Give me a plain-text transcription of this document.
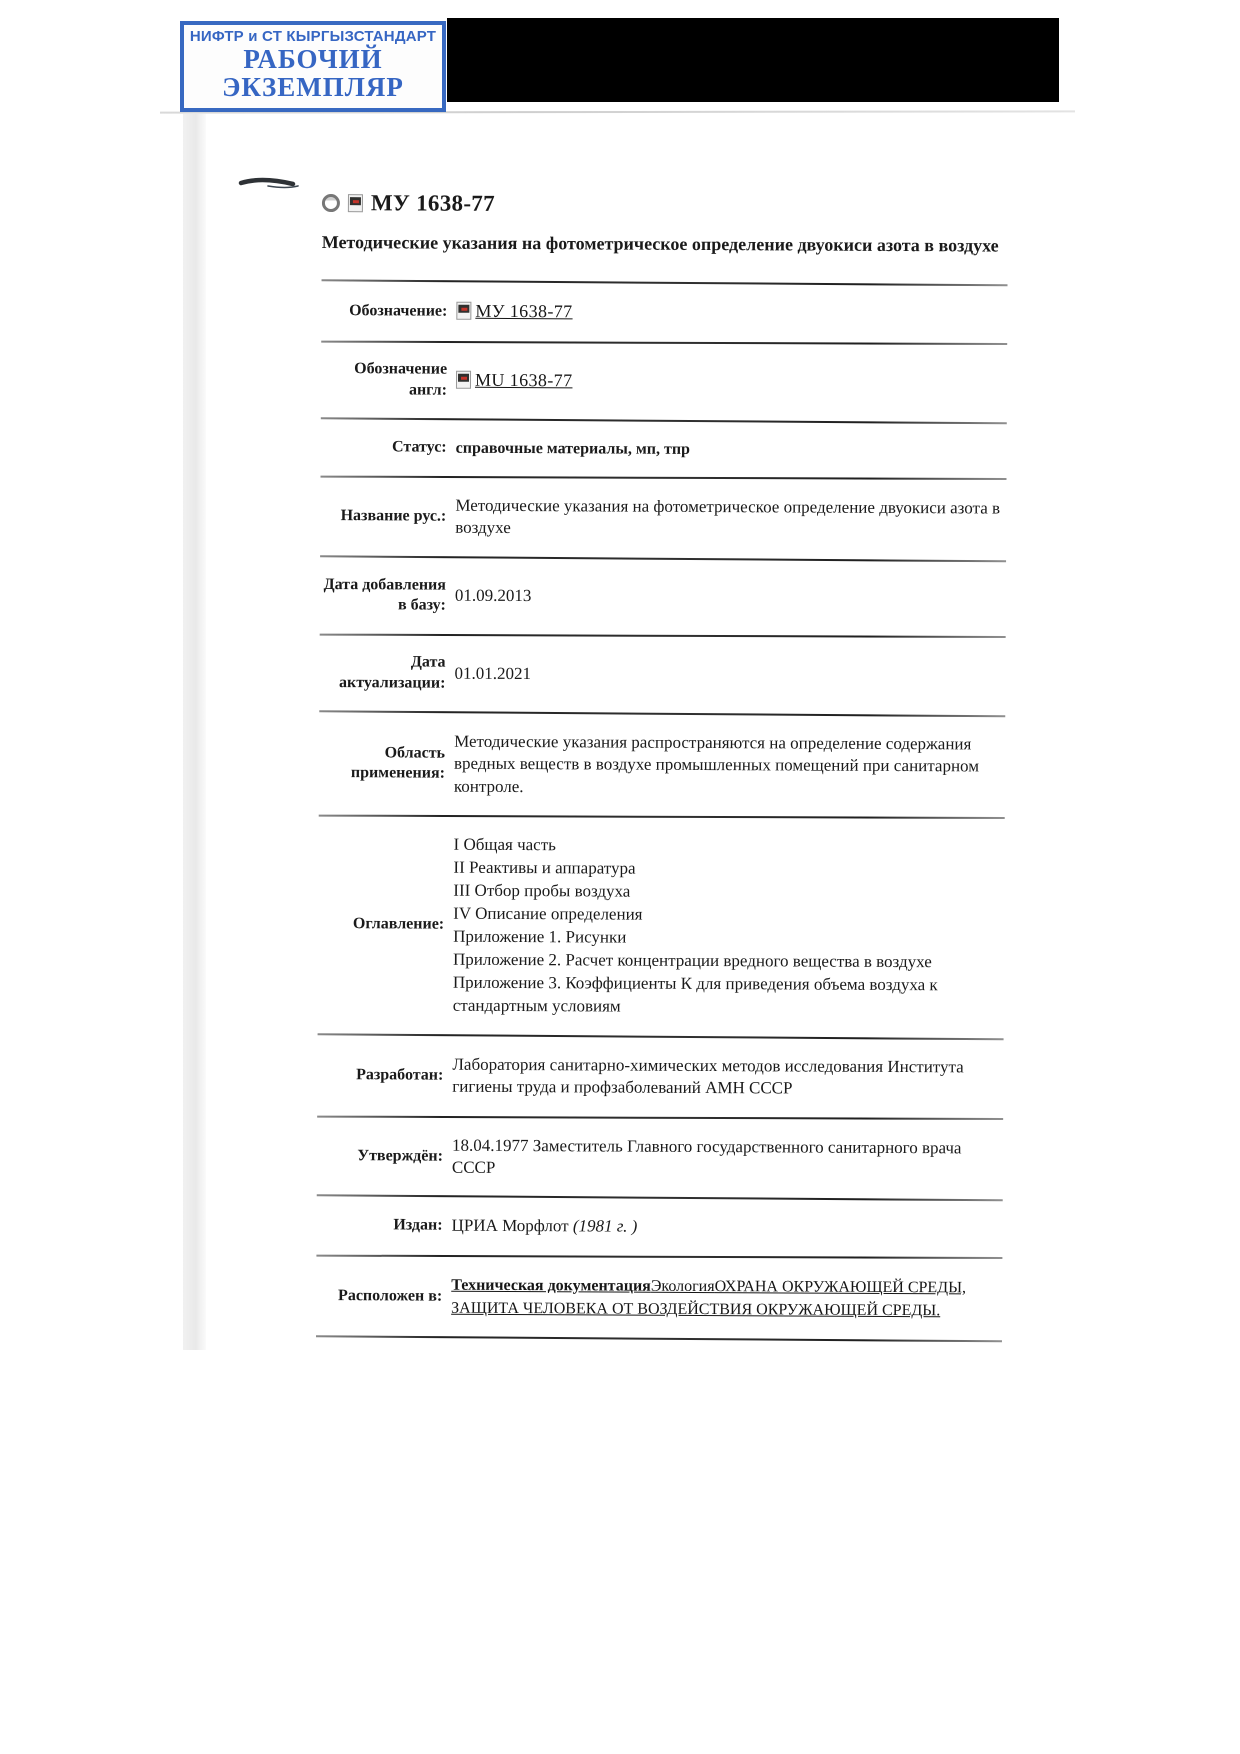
НИФТР и СТ КЫРГЫЗСТАНДАРТ
РАБОЧИЙ
ЭКЗЕМПЛЯР
МУ 1638-77
Методические указания на фотометрическое определение двуокиси азота в воздухе
Обозначение:	МУ 1638-77
Обозначение англ:	MU 1638-77
Статус: справочные материалы, мп, тпр
Название рус.: Методические указания на фотометрическое определение двуокиси азота в воздухе
Дата добавления в базу:
01.09.2013
Дата актуализации: 01.01.2021
Область применения:
Методические указания распространяются на определение содержания вредных веществ в воздухе промышленных помещений при санитарном контроле.
Оглавление:
I Общая часть
II Реактивы и аппаратура
III Отбор пробы воздуха
IV Описание определения
Приложение 1. Рисунки
Приложение 2. Расчет концентрации вредного вещества в воздухе
Приложение 3. Коэффициенты К для приведения объема воздуха к стандартным условиям
Разработан: Лаборатория санитарно-химических методов исследования Института гигиены труда и профзаболеваний АМН СССР
Утверждён: 18.04.1977 Заместитель Главного государственного санитарного врача СССР
Издан: ЦРИА Морфлот (1981 г. )
Расположен в:
Техническая документацияЭкологияОХРАНА ОКРУЖАЮЩЕЙ СРЕДЫ, ЗАЩИТА ЧЕЛОВЕКА ОТ ВОЗДЕЙСТВИЯ ОКРУЖАЮЩЕЙ СРЕДЫ.
